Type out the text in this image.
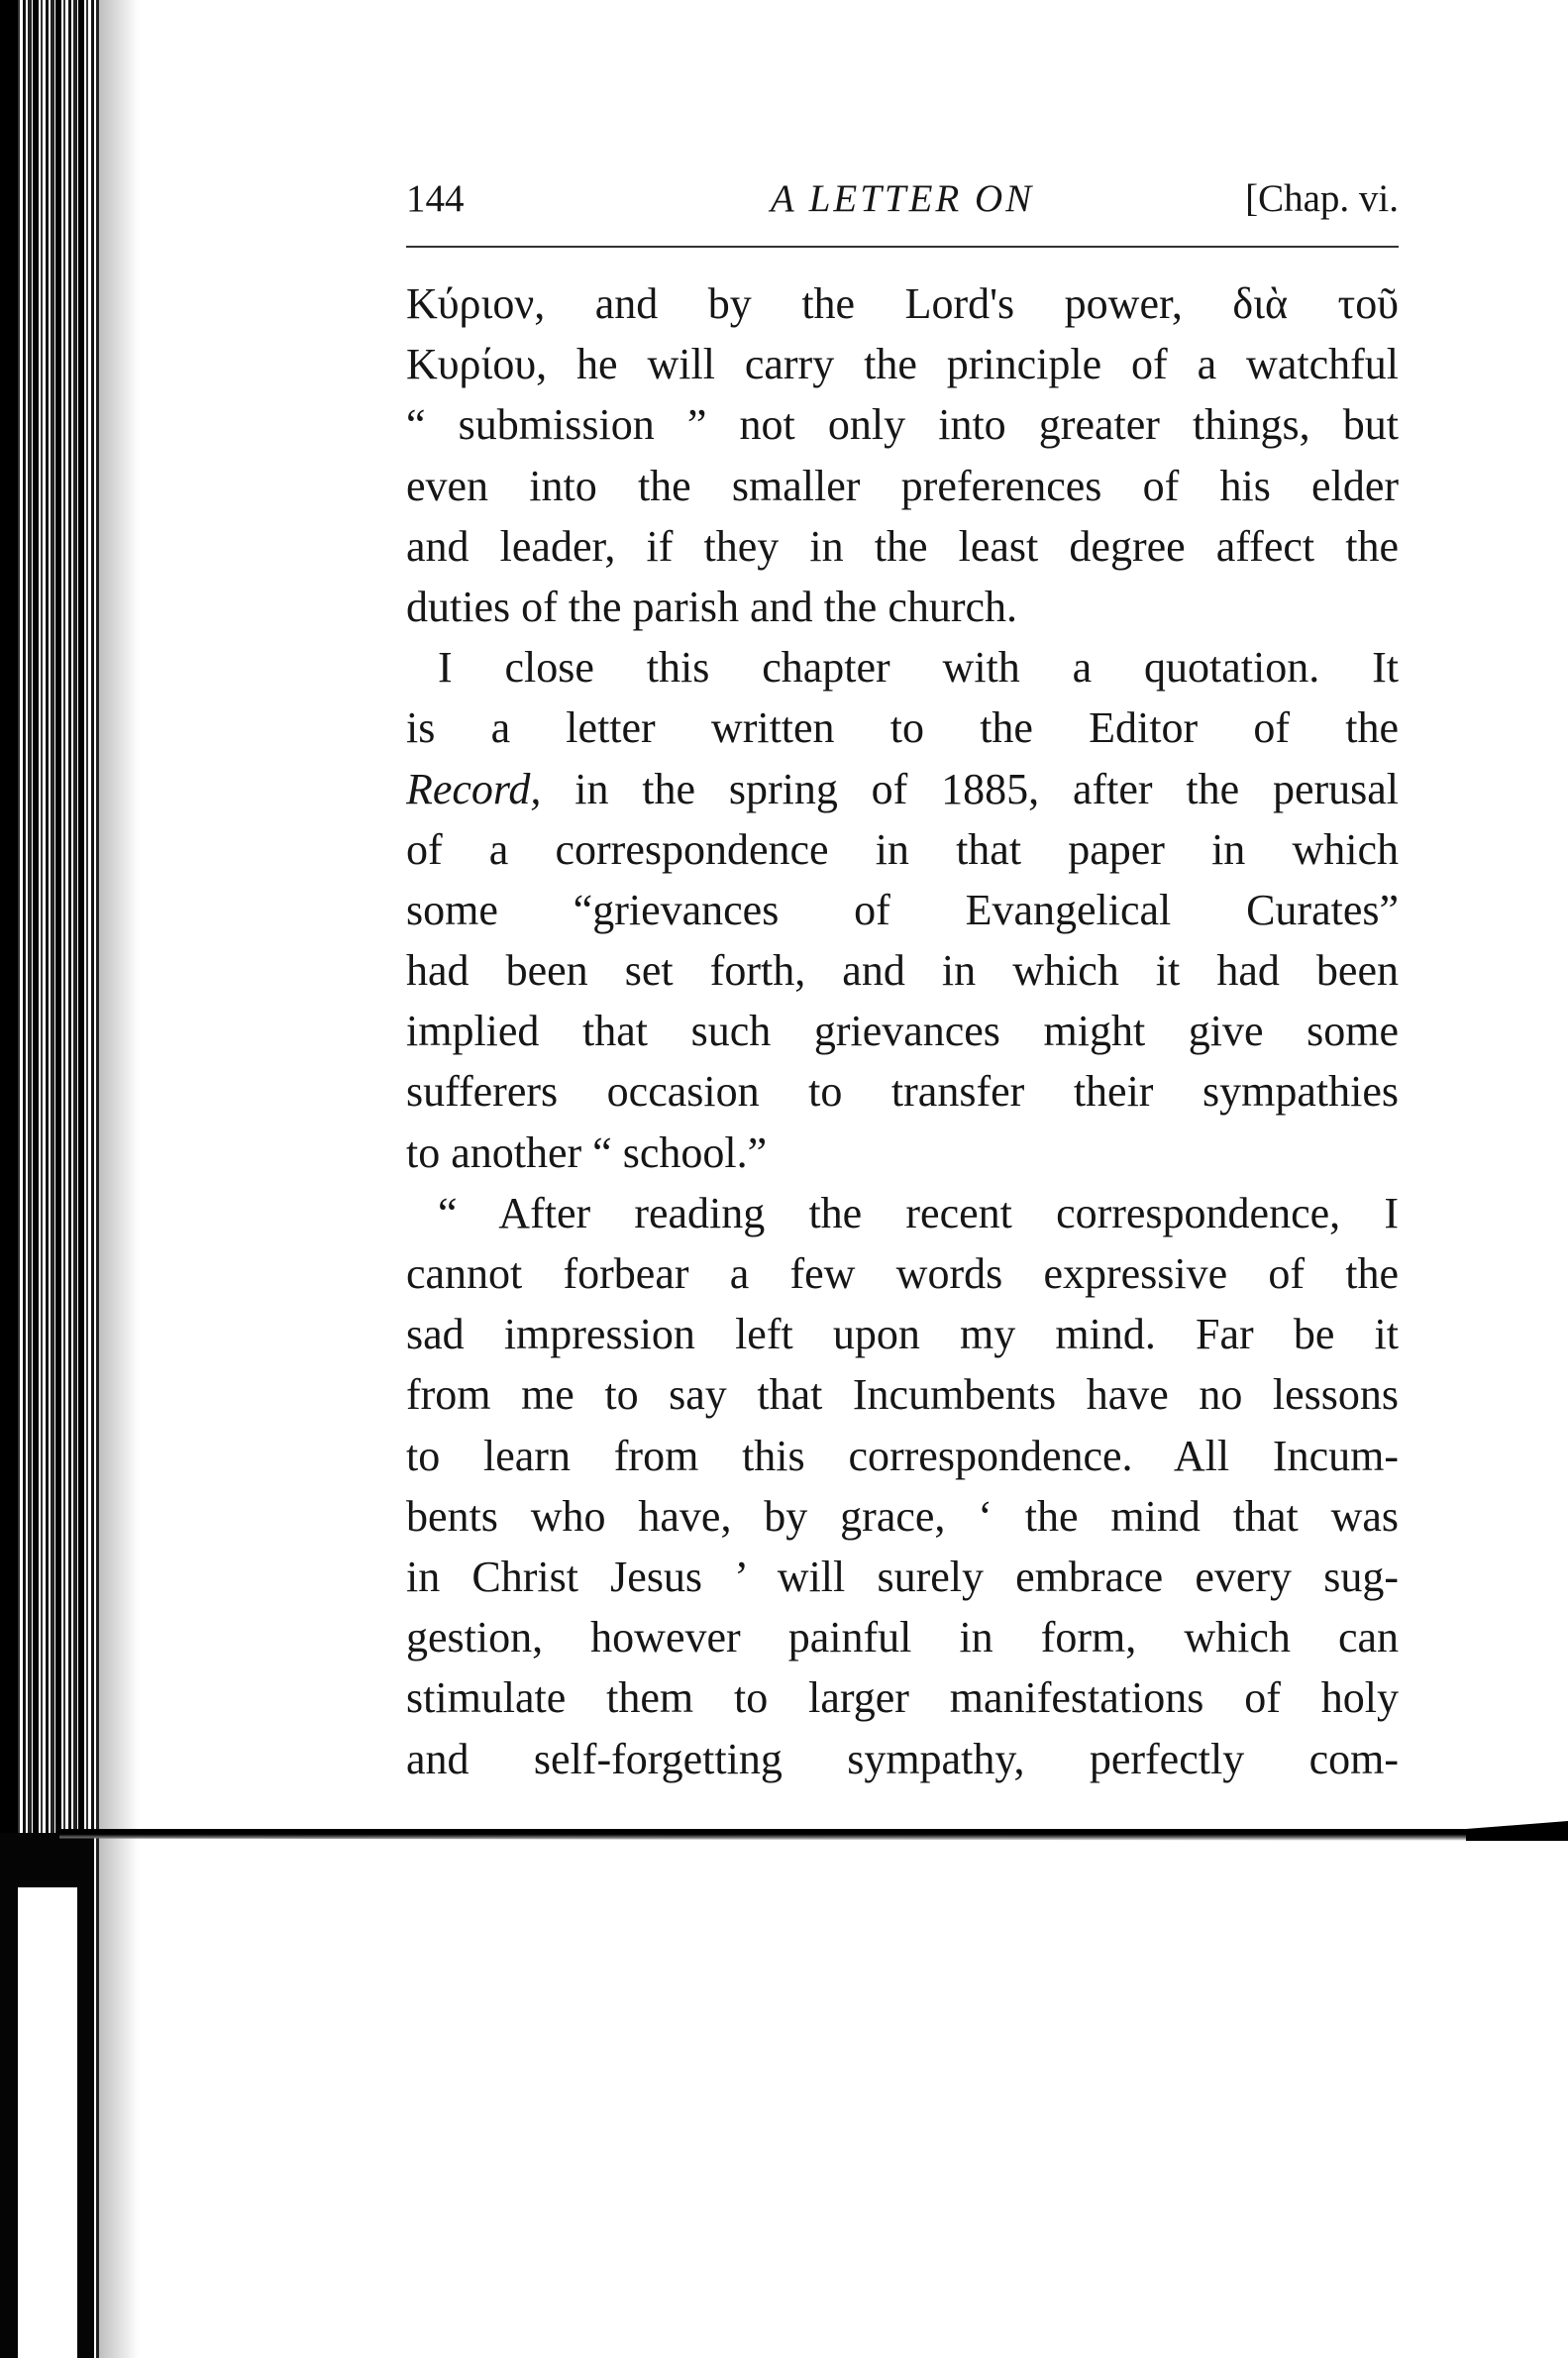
A LETTER ON
144	[Chap. vi.
Κύριον, and by the Lord's power, διὰ τοῦ
Κυρίου, he will carry the principle of a watchful
“ submission ” not only into greater things, but
even into the smaller preferences of his elder
and leader, if they in the least degree affect the
duties of the parish and the church.
I close this chapter with a quotation. It
is a letter written to the Editor of the
Record, in the spring of 1885, after the perusal
of a correspondence in that paper in which
some “grievances of Evangelical Curates”
had been set forth, and in which it had been
implied that such grievances might give some
sufferers occasion to transfer their sympathies
to another “ school.”
“ After reading the recent correspondence, I
cannot forbear a few words expressive of the
sad impression left upon my mind. Far be it
from me to say that Incumbents have no lessons
to learn from this correspondence. All Incum-
bents who have, by grace, ‘ the mind that was
in Christ Jesus ’ will surely embrace every sug-
gestion, however painful in form, which can
stimulate them to larger manifestations of holy
and self-forgetting sympathy, perfectly com-
